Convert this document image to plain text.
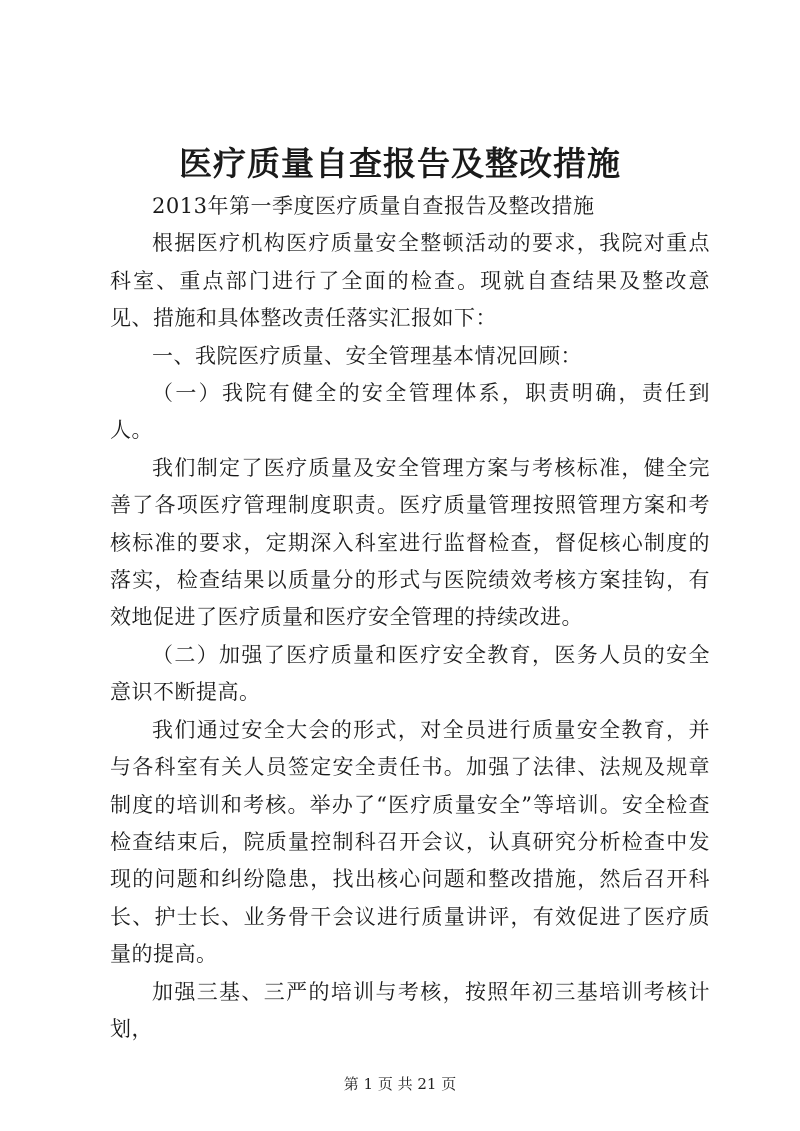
医疗质量自查报告及整改措施

2013年第一季度医疗质量自查报告及整改措施

根据医疗机构医疗质量安全整顿活动的要求，我院对重点科室、重点部门进行了全面的检查。现就自查结果及整改意见、措施和具体整改责任落实汇报如下：

一、我院医疗质量、安全管理基本情况回顾：

（一）我院有健全的安全管理体系，职责明确，责任到人。

我们制定了医疗质量及安全管理方案与考核标准，健全完善了各项医疗管理制度职责。医疗质量管理按照管理方案和考核标准的要求，定期深入科室进行监督检查，督促核心制度的落实，检查结果以质量分的形式与医院绩效考核方案挂钩，有效地促进了医疗质量和医疗安全管理的持续改进。

（二）加强了医疗质量和医疗安全教育，医务人员的安全意识不断提高。

我们通过安全大会的形式，对全员进行质量安全教育，并与各科室有关人员签定安全责任书。加强了法律、法规及规章制度的培训和考核。举办了“医疗质量安全”等培训。安全检查检查结束后，院质量控制科召开会议，认真研究分析检查中发现的问题和纠纷隐患，找出核心问题和整改措施，然后召开科长、护士长、业务骨干会议进行质量讲评，有效促进了医疗质量的提高。

加强三基、三严的培训与考核，按照年初三基培训考核计划，

第 1 页 共 21 页
